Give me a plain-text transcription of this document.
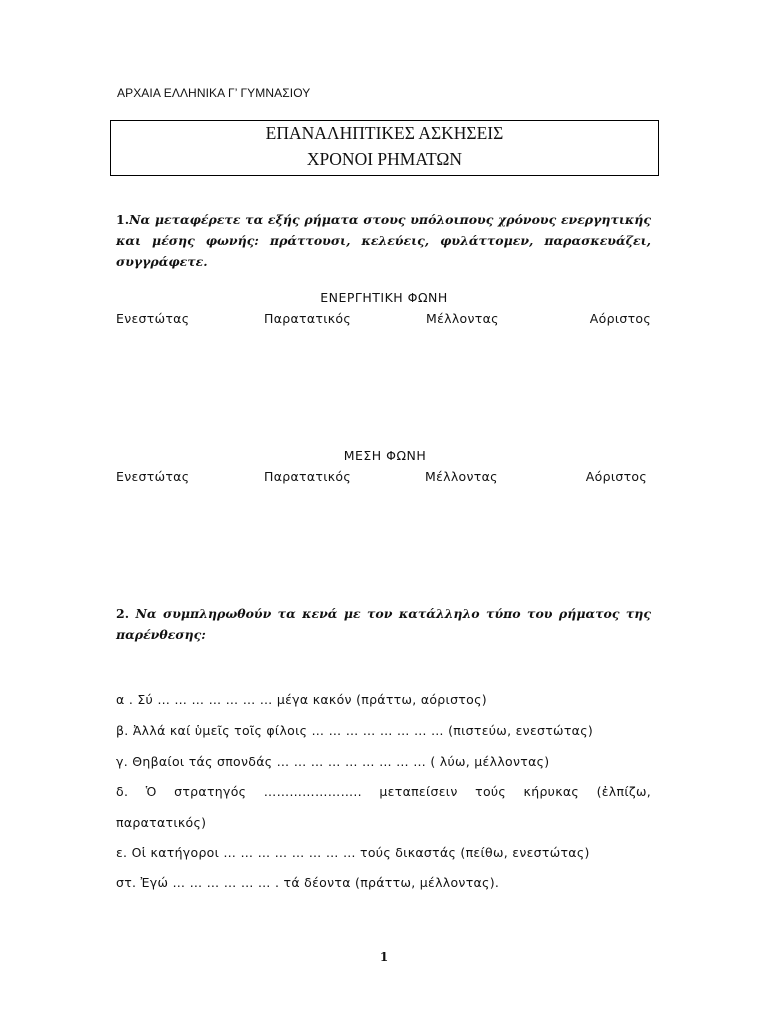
ΑΡΧΑΙΑ ΕΛΛΗΝΙΚΑ Γ’ ΓΥΜΝΑΣΙΟΥ
ΕΠΑΝΑΛΗΠΤΙΚΕΣ ΑΣΚΗΣΕΙΣ
ΧΡΟΝΟΙ ΡΗΜΑΤΩΝ
1.Να μεταφέρετε τα εξής ρήματα στους υπόλοιπους χρόνους ενεργητικής και μέσης φωνής: πράττουσι, κελεύεις, φυλάττομεν, παρασκευάζει, συγγράφετε.
ΕΝΕΡΓΗΤΙΚΗ ΦΩΝΗ
Ενεστώτας	Παρατατικός	Μέλλοντας	Αόριστος
ΜΕΣΗ ΦΩΝΗ
Ενεστώτας	Παρατατικός	Μέλλοντας	Αόριστος
2. Να συμπληρωθούν τα κενά με τον κατάλληλο τύπο του ρήματος της παρένθεσης:
α . Σύ … … … … … … … μέγα κακόν (πράττω, αόριστος)
β. Ἀλλά καί ὑμεῖς τοῖς φίλοις … … … … … … … … (πιστεύω, ενεστώτας)
γ. Θηβαίοι τάς σπονδάς … … … … … … … … … ( λύω, μέλλοντας)
δ. Ὁ στρατηγός ………………….. μεταπείσειν τούς κήρυκας (ἐλπίζω,
παρατατικός)
ε. Οἱ κατήγοροι … … … … … … … … τούς δικαστάς (πείθω, ενεστώτας)
στ. Ἐγώ … … … … … … . τά δέοντα (πράττω, μέλλοντας).
1
